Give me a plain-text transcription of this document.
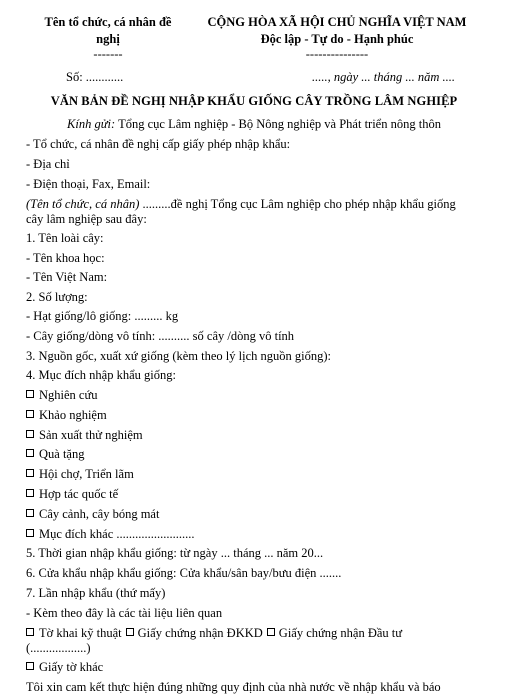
Tên tổ chức, cá nhân đề
nghị
-------
CỘNG HÒA XÃ HỘI CHỦ NGHĨA VIỆT NAM
Độc lập - Tự do - Hạnh phúc
---------------
Số: ............	....., ngày ... tháng ... năm ....
VĂN BẢN ĐỀ NGHỊ NHẬP KHẨU GIỐNG CÂY TRỒNG LÂM NGHIỆP
Kính gửi: Tổng cục Lâm nghiệp - Bộ Nông nghiệp và Phát triển nông thôn
- Tổ chức, cá nhân đề nghị cấp giấy phép nhập khẩu:
- Địa chỉ
- Điện thoại, Fax, Email:
(Tên tổ chức, cá nhân) .........đề nghị Tổng cục Lâm nghiệp cho phép nhập khẩu giống
cây lâm nghiệp sau đây:
1. Tên loài cây:
- Tên khoa học:
- Tên Việt Nam:
2. Số lượng:
- Hạt giống/lô giống: ......... kg
- Cây giống/dòng vô tính: .......... số cây /dòng vô tính
3. Nguồn gốc, xuất xứ giống (kèm theo lý lịch nguồn giống):
4. Mục đích nhập khẩu giống:
Nghiên cứu
Khảo nghiệm
Sản xuất thử nghiệm
Quà tặng
Hội chợ, Triển lãm
Hợp tác quốc tế
Cây cảnh, cây bóng mát
Mục đích khác .........................
5. Thời gian nhập khẩu giống: từ ngày ... tháng ... năm 20...
6. Cửa khẩu nhập khẩu giống: Cửa khẩu/sân bay/bưu điện .......
7. Lần nhập khẩu (thứ mấy)
- Kèm theo đây là các tài liệu liên quan
Tờ khai kỹ thuật Giấy chứng nhận ĐKKD Giấy chứng nhận Đầu tư
(..................)
Giấy tờ khác
Tôi xin cam kết thực hiện đúng những quy định của nhà nước về nhập khẩu và báo
